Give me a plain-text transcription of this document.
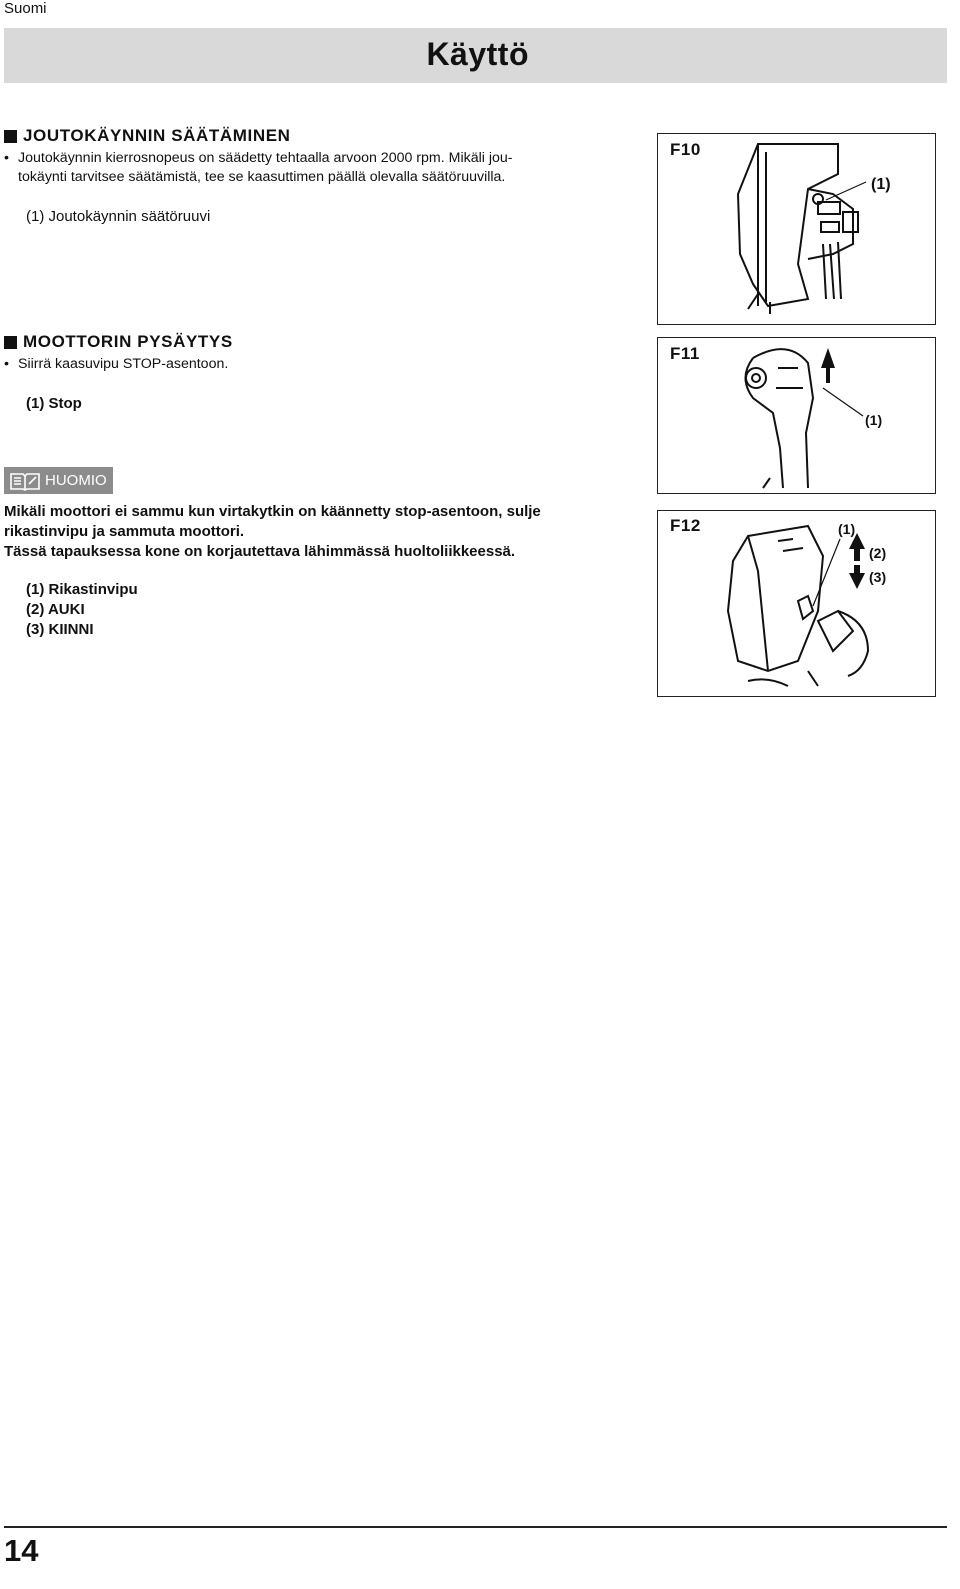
Suomi
Käyttö
JOUTOKÄYNNIN SÄÄTÄMINEN
• Joutokäynnin kierrosnopeus on säädetty tehtaalla arvoon 2000 rpm. Mikäli jou-
tokäynti tarvitsee säätämistä, tee se kaasuttimen päällä olevalla säätöruuvilla.
(1) Joutokäynnin säätöruuvi
F10
(1)
MOOTTORIN PYSÄYTYS
• Siirrä kaasuvipu STOP-asentoon.
(1) Stop
F11
(1)
HUOMIO
Mikäli moottori ei sammu kun virtakytkin on käännetty stop-asentoon, sulje
rikastinvipu ja sammuta moottori.
Tässä tapauksessa kone on korjautettava lähimmässä huoltoliikkeessä.
(1) Rikastinvipu
(2) AUKI
(3) KIINNI
F12	(1)
(2)
(3)
14
